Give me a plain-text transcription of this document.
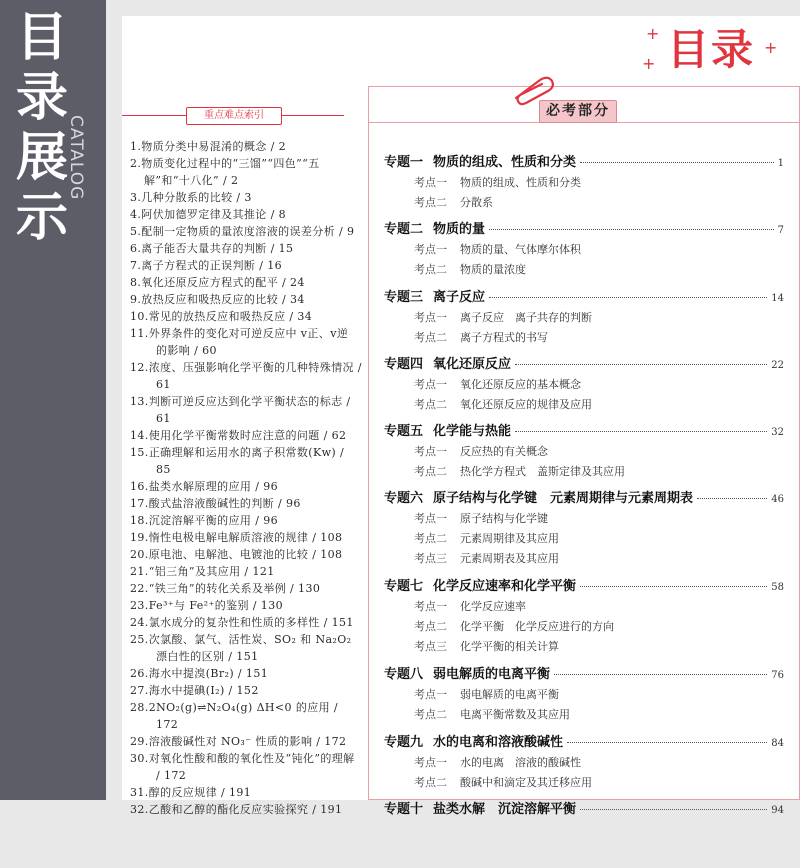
目
录
展
示
CATALOG
目录
+
+
+
重点难点索引
1.物质分类中易混淆的概念 / 2
2.物质变化过程中的“三馏”“四色”“五解”和“十八化” / 2
3.几种分散系的比较 / 3
4.阿伏加德罗定律及其推论 / 8
5.配制一定物质的量浓度溶液的误差分析 / 9
6.离子能否大量共存的判断 / 15
7.离子方程式的正误判断 / 16
8.氧化还原反应方程式的配平 / 24
9.放热反应和吸热反应的比较 / 34
10.常见的放热反应和吸热反应 / 34
11.外界条件的变化对可逆反应中 v正、v逆 的影响 / 60
12.浓度、压强影响化学平衡的几种特殊情况 / 61
13.判断可逆反应达到化学平衡状态的标志 / 61
14.使用化学平衡常数时应注意的问题 / 62
15.正确理解和运用水的离子积常数(Kw) / 85
16.盐类水解原理的应用 / 96
17.酸式盐溶液酸碱性的判断 / 96
18.沉淀溶解平衡的应用 / 96
19.惰性电极电解电解质溶液的规律 / 108
20.原电池、电解池、电镀池的比较 / 108
21.“铝三角”及其应用 / 121
22.“铁三角”的转化关系及举例 / 130
23.Fe³⁺与 Fe²⁺的鉴别 / 130
24.氯水成分的复杂性和性质的多样性 / 151
25.次氯酸、氯气、活性炭、SO₂ 和 Na₂O₂ 漂白性的区别 / 151
26.海水中提溴(Br₂) / 151
27.海水中提碘(I₂) / 152
28.2NO₂(g)⇌N₂O₄(g) ΔH<0 的应用 / 172
29.溶液酸碱性对 NO₃⁻ 性质的影响 / 172
30.对氧化性酸和酸的氧化性及“钝化”的理解 / 172
31.醇的反应规律 / 191
32.乙酸和乙醇的酯化反应实验探究 / 191
专题一 物质的组成、性质和分类	1
考点一 物质的组成、性质和分类
考点二 分散系
专题二 物质的量	7
考点一 物质的量、气体摩尔体积
考点二 物质的量浓度
专题三 离子反应	14
考点一 离子反应　离子共存的判断
考点二 离子方程式的书写
专题四 氧化还原反应	22
考点一 氧化还原反应的基本概念
考点二 氧化还原反应的规律及应用
专题五 化学能与热能	32
考点一 反应热的有关概念
考点二 热化学方程式　盖斯定律及其应用
专题六 原子结构与化学键　元素周期律与元素周期表	46
考点一 原子结构与化学键
考点二 元素周期律及其应用
考点三 元素周期表及其应用
专题七 化学反应速率和化学平衡	58
考点一 化学反应速率
考点二 化学平衡　化学反应进行的方向
考点三 化学平衡的相关计算
专题八 弱电解质的电离平衡	76
考点一 弱电解质的电离平衡
考点二 电离平衡常数及其应用
专题九 水的电离和溶液酸碱性	84
考点一 水的电离　溶液的酸碱性
考点二 酸碱中和滴定及其迁移应用
专题十 盐类水解　沉淀溶解平衡	94
必考部分
